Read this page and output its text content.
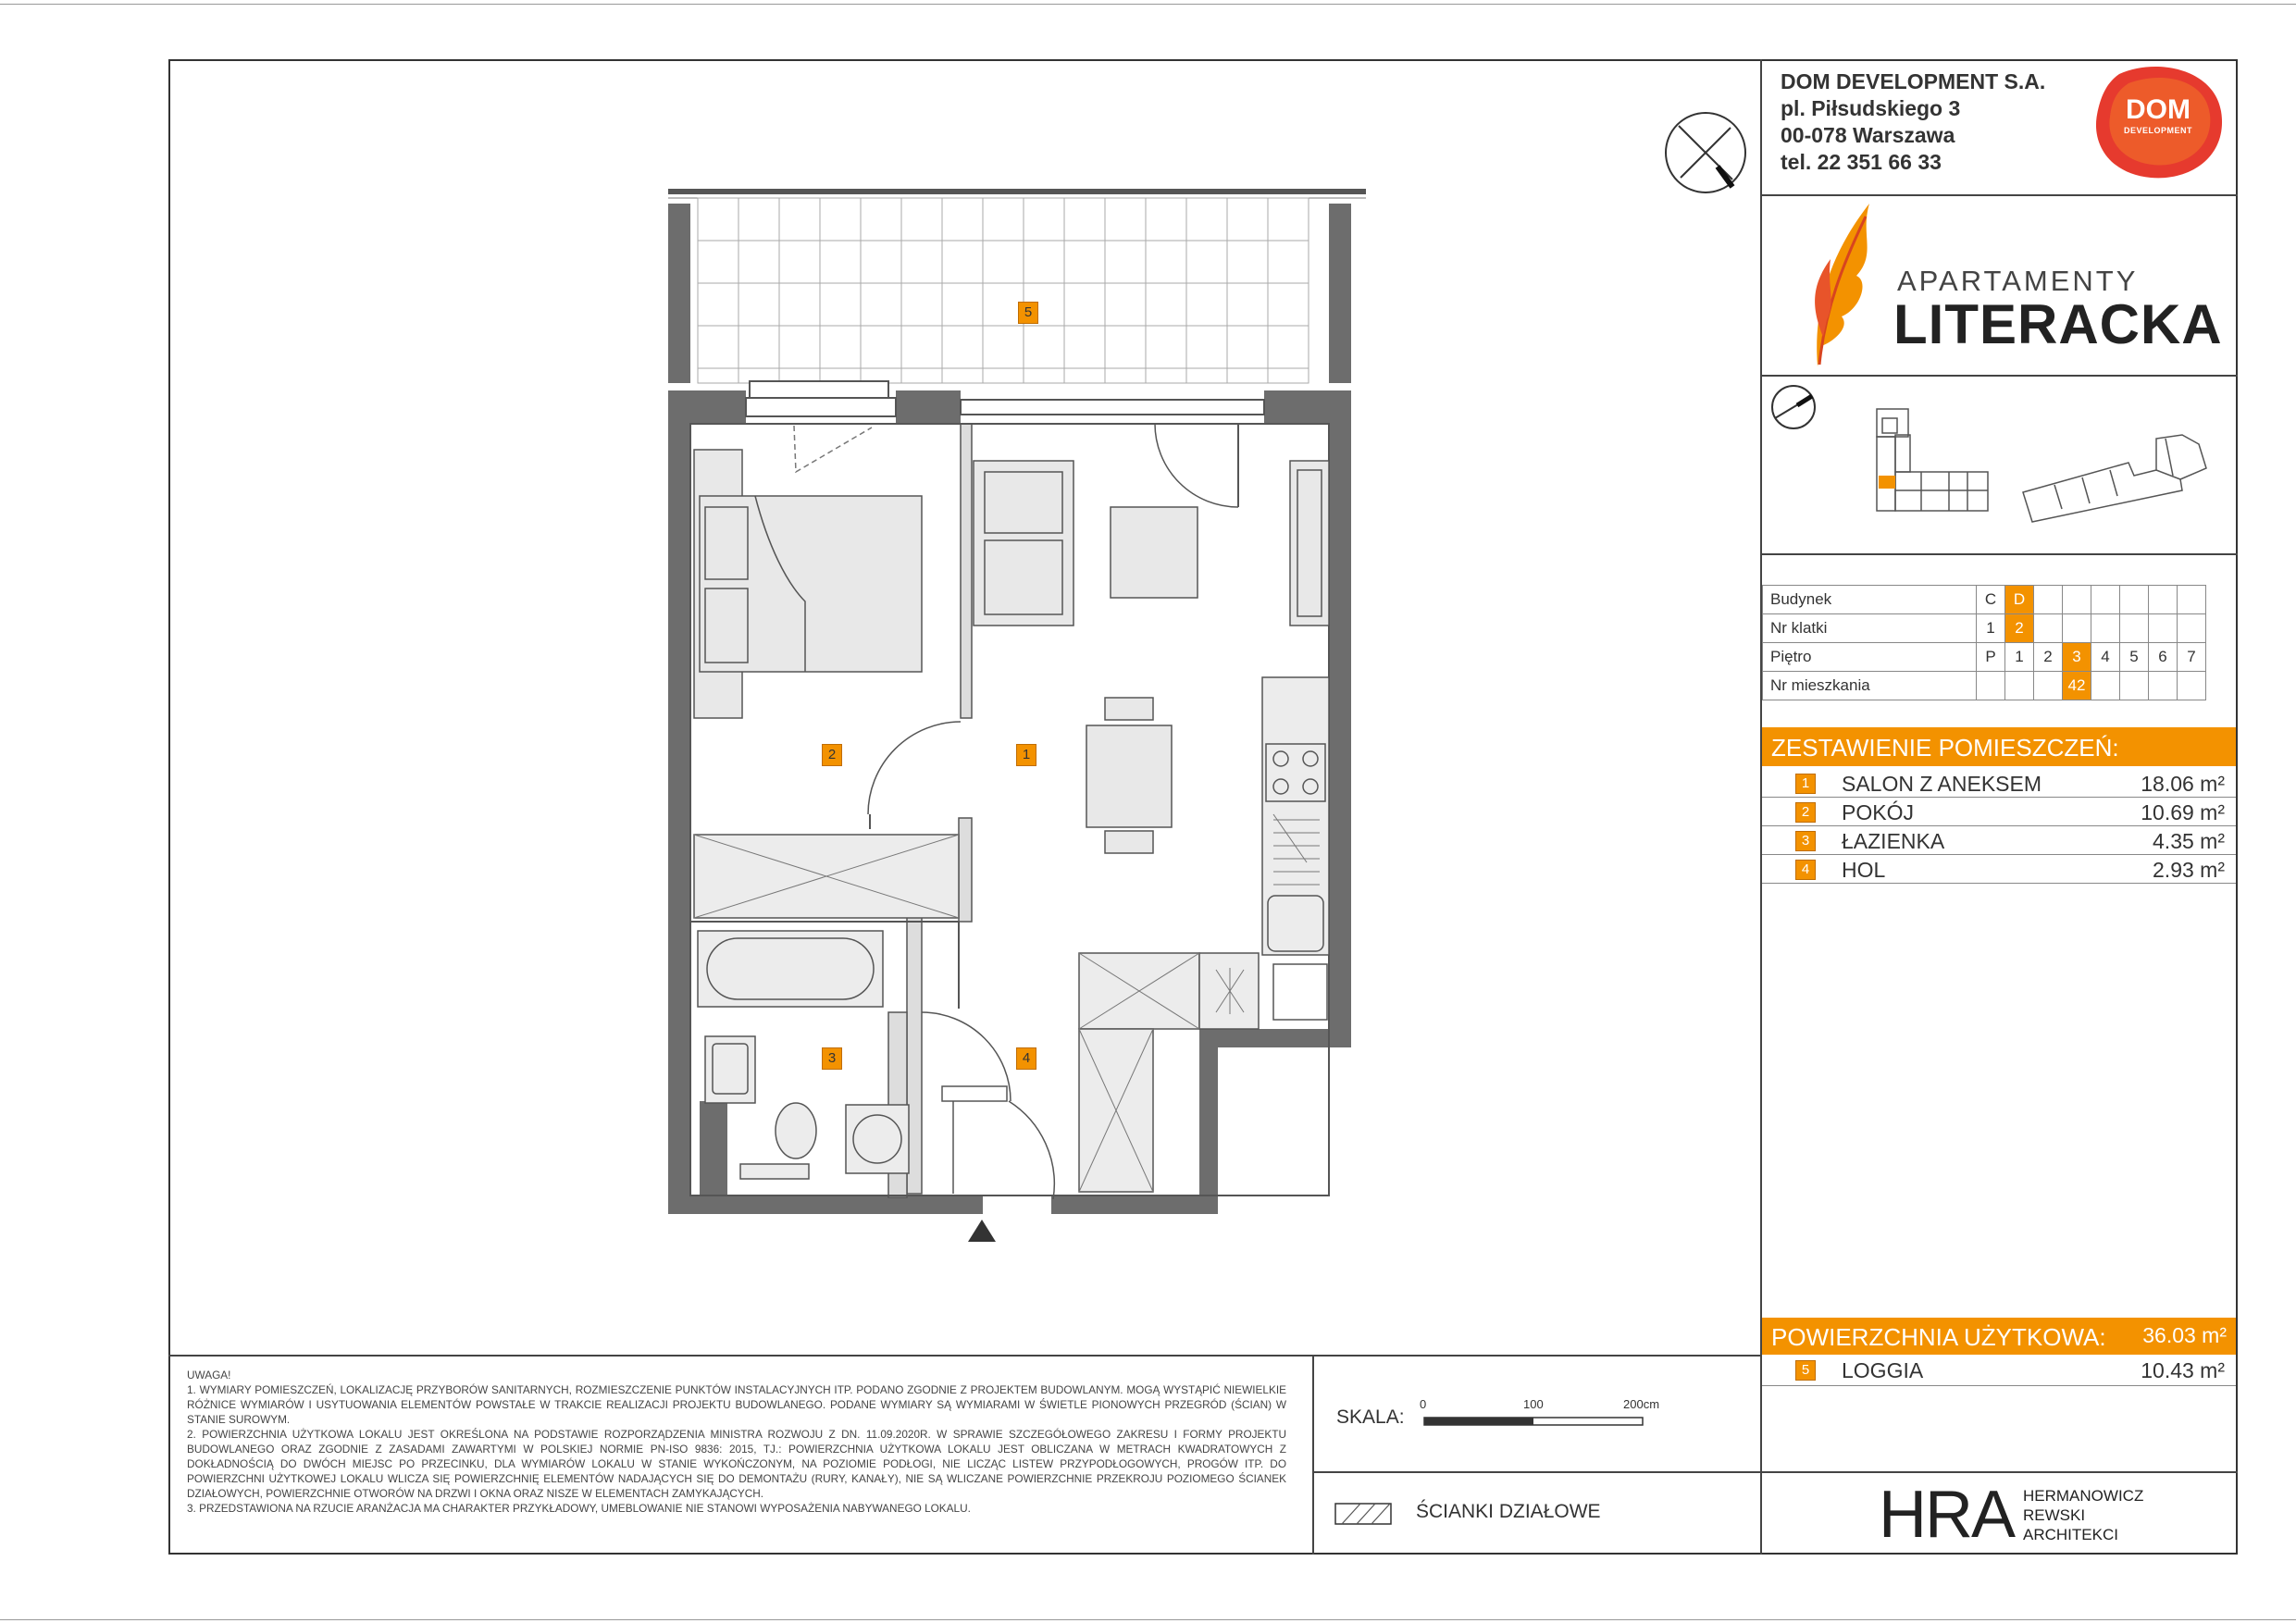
DOM DEVELOPMENT S.A.
pl. Piłsudskiego 3
00-078 Warszawa
tel. 22 351 66 33
DOM
DEVELOPMENT
APARTAMENTY
LITERACKA
Budynek	C	D						
Nr klatki	1	2						
Piętro	P	1	2	3	4	5	6	7
Nr mieszkania				42				
ZESTAWIENIE POMIESZCZEŃ:
1 SALON Z ANEKSEM	18.06 m²
2 POKÓJ	10.69 m²
3 ŁAZIENKA	4.35 m²
4 HOL	2.93 m²
POWIERZCHNIA UŻYTKOWA: 36.03 m²
5 LOGGIA	10.43 m²
UWAGA!
1. WYMIARY POMIESZCZEŃ, LOKALIZACJĘ PRZYBORÓW SANITARNYCH, ROZMIESZCZENIE PUNKTÓW INSTALACYJNYCH ITP. PODANO ZGODNIE Z PROJEKTEM BUDOWLANYM. MOGĄ WYSTĄPIĆ NIEWIELKIE RÓŻNICE WYMIARÓW I USYTUOWANIA ELEMENTÓW POWSTAŁE W TRAKCIE REALIZACJI PROJEKTU BUDOWLANEGO. PODANE WYMIARY SĄ WYMIARAMI W ŚWIETLE PIONOWYCH PRZEGRÓD (ŚCIAN) W STANIE SUROWYM.
2. POWIERZCHNIA UŻYTKOWA LOKALU JEST OKREŚLONA NA PODSTAWIE ROZPORZĄDZENIA MINISTRA ROZWOJU Z DN. 11.09.2020R. W SPRAWIE SZCZEGÓŁOWEGO ZAKRESU I FORMY PROJEKTU BUDOWLANEGO ORAZ ZGODNIE Z ZASADAMI ZAWARTYMI W POLSKIEJ NORMIE PN-ISO 9836: 2015, TJ.: POWIERZCHNIA UŻYTKOWA LOKALU JEST OBLICZANA W METRACH KWADRATOWYCH Z DOKŁADNOŚCIĄ DO DWÓCH MIEJSC PO PRZECINKU, DLA WYMIARÓW LOKALU W STANIE WYKOŃCZONYM, NA POZIOMIE PODŁOGI, NIE LICZĄC LISTEW PRZYPODŁOGOWYCH, PROGÓW ITP. DO POWIERZCHNI UŻYTKOWEJ LOKALU WLICZA SIĘ POWIERZCHNIĘ ELEMENTÓW NADAJĄCYCH SIĘ DO DEMONTAŻU (RURY, KANAŁY), NIE SĄ WLICZANE POWIERZCHNIE PRZEKROJU POZIOMEGO ŚCIANEK DZIAŁOWYCH, POWIERZCHNIE OTWORÓW NA DRZWI I OKNA ORAZ NISZE W ELEMENTACH ZAMYKAJĄCYCH.
3. PRZEDSTAWIONA NA RZUCIE ARANŻACJA MA CHARAKTER PRZYKŁADOWY, UMEBLOWANIE NIE STANOWI WYPOSAŻENIA NABYWANEGO LOKALU.
SKALA:
0	100	200cm
ŚCIANKI DZIAŁOWE	HRA HERMANOWICZ
REWSKI
ARCHITEKCI
5
2	1
3	4
